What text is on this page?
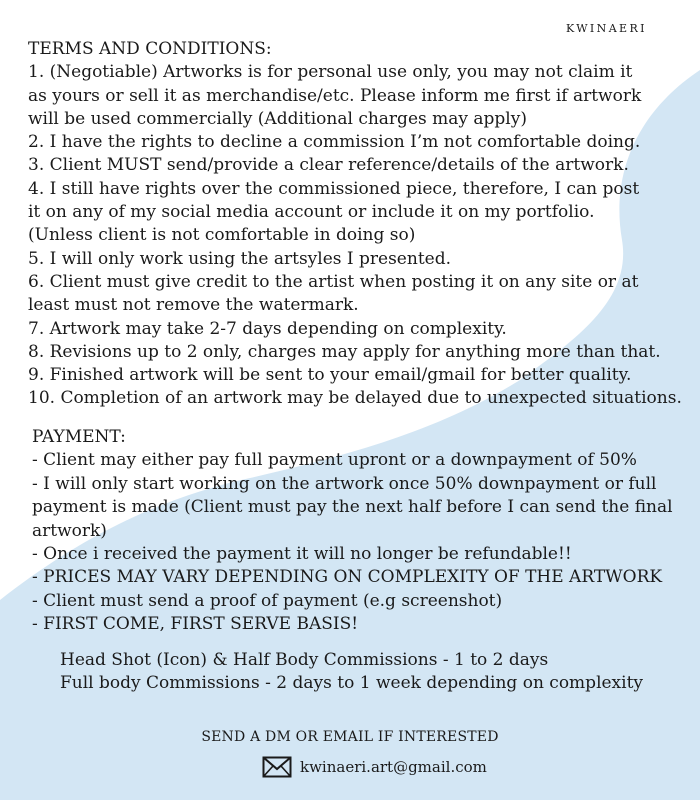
KWINAERI
TERMS AND CONDITIONS:
1. (Negotiable) Artworks is for personal use only, you may not claim it
as yours or sell it as merchandise/etc. Please inform me first if artwork
will be used commercially (Additional charges may apply)
2. I have the rights to decline a commission I’m not comfortable doing.
3. Client MUST send/provide a clear reference/details of the artwork.
4. I still have rights over the commissioned piece, therefore, I can post
it on any of my social media account or include it on my portfolio.
(Unless client is not comfortable in doing so)
5. I will only work using the artsyles I presented.
6. Client must give credit to the artist when posting it on any site or at
least must not remove the watermark.
7. Artwork may take 2-7 days depending on complexity.
8. Revisions up to 2 only, charges may apply for anything more than that.
9. Finished artwork will be sent to your email/gmail for better quality.
10. Completion of an artwork may be delayed due to unexpected situations.
PAYMENT:
- Client may either pay full payment upront or a downpayment of 50%
- I will only start working on the artwork once 50% downpayment or full
payment is made (Client must pay the next half before I can send the final
artwork)
- Once i received the payment it will no longer be refundable!!
- PRICES MAY VARY DEPENDING ON COMPLEXITY OF THE ARTWORK
- Client must send a proof of payment (e.g screenshot)
- FIRST COME, FIRST SERVE BASIS!
Head Shot (Icon) & Half Body Commissions - 1 to 2 days
Full body Commissions - 2 days to 1 week depending on complexity
SEND A DM OR EMAIL IF INTERESTED
kwinaeri.art@gmail.com
